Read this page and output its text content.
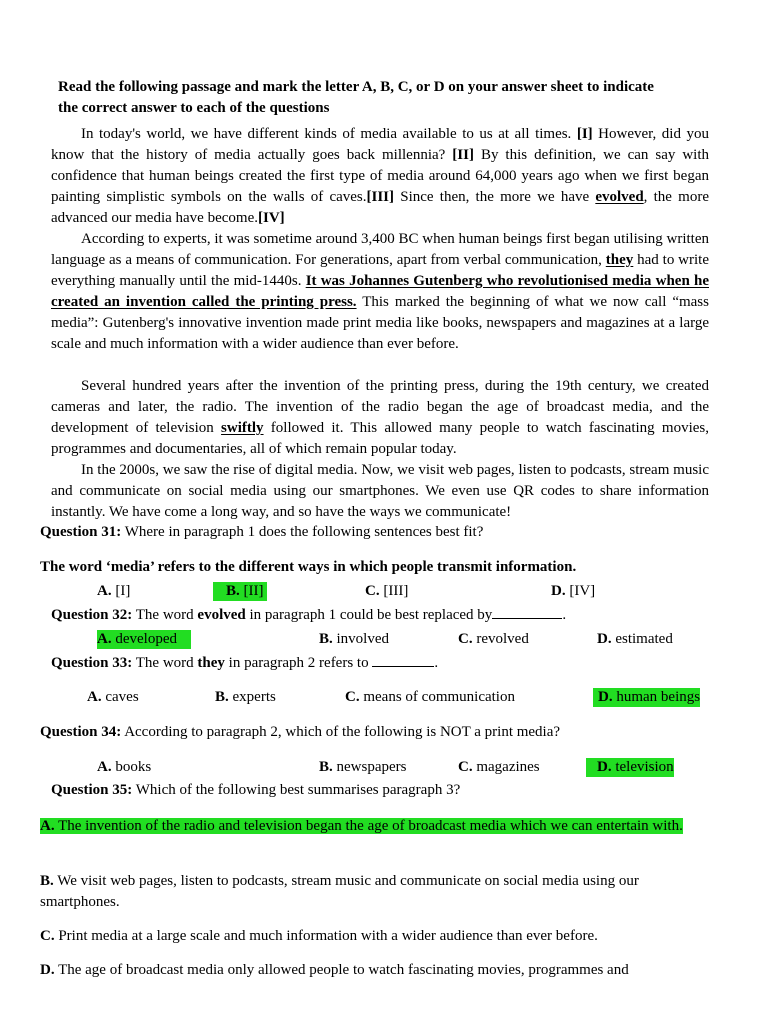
Read the following passage and mark the letter A, B, C, or D on your answer sheet to indicate
the correct answer to each of the questions
In today's world, we have different kinds of media available to us at all times. [I] However, did you know that the history of media actually goes back millennia? [II] By this definition, we can say with confidence that human beings created the first type of media around 64,000 years ago when we first began painting simplistic symbols on the walls of caves.[III] Since then, the more we have evolved, the more advanced our media have become.[IV]
According to experts, it was sometime around 3,400 BC when human beings first began utilising written language as a means of communication. For generations, apart from verbal communication, they had to write everything manually until the mid-1440s. It was Johannes Gutenberg who revolutionised media when he created an invention called the printing press. This marked the beginning of what we now call “mass media”: Gutenberg's innovative invention made print media like books, newspapers and magazines at a large scale and much information with a wider audience than ever before.
Several hundred years after the invention of the printing press, during the 19th century, we created cameras and later, the radio. The invention of the radio began the age of broadcast media, and the development of television swiftly followed it. This allowed many people to watch fascinating movies, programmes and documentaries, all of which remain popular today.
In the 2000s, we saw the rise of digital media. Now, we visit web pages, listen to podcasts, stream music and communicate on social media using our smartphones. We even use QR codes to share information instantly. We have come a long way, and so have the ways we communicate!
Question 31: Where in paragraph 1 does the following sentences best fit?
The word ‘media’ refers to the different ways in which people transmit information.
A. [I]	B. [II]	C. [III]	D. [IV]
Question 32: The word evolved in paragraph 1 could be best replaced by	.
A. developed	B. involved	C. revolved	D. estimated
Question 33: The word they in paragraph 2 refers to	.
A. caves	B. experts	C. means of communication	D. human beings
Question 34: According to paragraph 2, which of the following is NOT a print media?
A. books	B. newspapers	C. magazines	D. television
Question 35: Which of the following best summarises paragraph 3?
A. The invention of the radio and television began the age of broadcast media which we can entertain with.
B. We visit web pages, listen to podcasts, stream music and communicate on social media using our smartphones.
C. Print media at a large scale and much information with a wider audience than ever before.
D. The age of broadcast media only allowed people to watch fascinating movies, programmes and
